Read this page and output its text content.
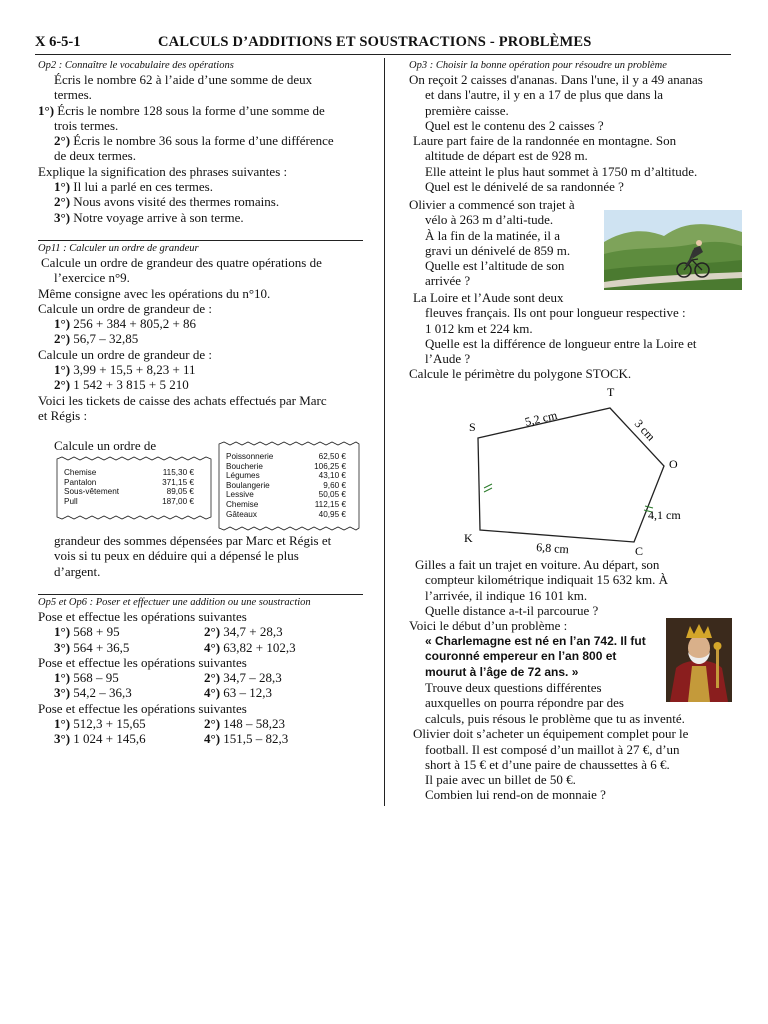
X 6-5-1	CALCULS D’ADDITIONS ET SOUSTRACTIONS - PROBLÈMES
Op2 : Connaître le vocabulaire des opérations

Écris le nombre 62 à l’aide d’une somme de deux

termes.

1°) Écris le nombre 128 sous la forme d’une somme de

trois termes.

2°) Écris le nombre 36 sous la forme d’une différence

de deux termes.

Explique la signification des phrases suivantes :

1°) Il lui a parlé en ces termes.

2°) Nous avons visité des thermes romains.

3°) Notre voyage arrive à son terme.

Op11 : Calculer un ordre de grandeur

Calcule un ordre de grandeur des quatre opérations de

l’exercice n°9.

Même consigne avec les opérations du n°10.

Calcule un ordre de grandeur de :

1°) 256 + 384 + 805,2 + 86

2°) 56,7 – 32,85

Calcule un ordre de grandeur de :

1°) 3,99 + 15,5 + 8,23 + 11

2°) 1 542 + 3 815 + 5 210

Voici les tickets de caisse des achats effectués par Marc

et Régis :

Calcule un ordre de

Chemise	115,30 €
Pantalon	371,15 €
Sous-vêtement	89,05 €
Pull	187,00 €
Poissonnerie	62,50 €
Boucherie	106,25 €
Légumes	43,10 €
Boulangerie	9,60 €
Lessive	50,05 €
Chemise	112,15 €
Gâteaux	40,95 €

grandeur des sommes dépensées par Marc et Régis et

vois si tu peux en déduire qui a dépensé le plus

d’argent.

Op5 et Op6 : Poser et effectuer une addition ou une soustraction

Pose et effectue les opérations suivantes

1°) 568 + 95	2°) 34,7 + 28,3
3°) 564 + 36,5	4°) 63,82 + 102,3

Pose et effectue les opérations suivantes

1°) 568 – 95	2°) 34,7 – 28,3
3°) 54,2 – 36,3	4°) 63 – 12,3

Pose et effectue les opérations suivantes

1°) 512,3 + 15,65	2°) 148 – 58,23
3°) 1 024 + 145,6	4°) 151,5 – 82,3
Op3 : Choisir la bonne opération pour résoudre un problème

On reçoit 2 caisses d'ananas. Dans l'une, il y a 49 ananas

et dans l'autre, il y en a 17 de plus que dans la

première caisse.

Quel est le contenu des 2 caisses ?

Laure part faire de la randonnée en montagne. Son

altitude de départ est de 928 m.

Elle atteint le plus haut sommet à 1750 m d’altitude.

Quel est le dénivelé de sa randonnée ?

Olivier a commencé son trajet à

vélo à 263 m d’alti-tude.

À la fin de la matinée, il a

gravi un dénivelé de 859 m.

Quelle est l’altitude de son

arrivée ?

La Loire et l’Aude sont deux

fleuves français. Ils ont pour longueur respective :

1 012 km et 224 km.

Quelle est la différence de longueur entre la Loire et

l’Aude ?

Calcule le périmètre du polygone STOCK.

S
T
O
C
K
5,2 cm	3 cm
4,1 cm
6,8 cm

Gilles a fait un trajet en voiture. Au départ, son

compteur kilométrique indiquait 15 632 km. À

l’arrivée, il indique 16 101 km.

Quelle distance a-t-il parcourue ?

Voici le début d’un problème :

« Charlemagne est né en l’an 742. Il fut

couronné empereur en l’an 800 et

mourut à l’âge de 72 ans. »

Trouve deux questions différentes

auxquelles on pourra répondre par des

calculs, puis résous le problème que tu as inventé.

Olivier doit s’acheter un équipement complet pour le

football. Il est composé d’un maillot à 27 €, d’un

short à 15 € et d’une paire de chaussettes à 6 €.

Il paie avec un billet de 50 €.

Combien lui rend-on de monnaie ?
